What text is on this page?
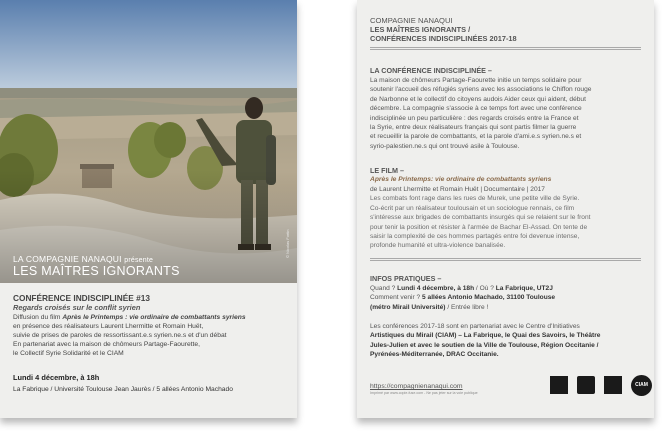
© Nicolas Fortin
LA COMPAGNIE NANAQUI présente
LES MAÎTRES IGNORANTS
CONFÉRENCE INDISCIPLINÉE #13
Regards croisés sur le conflit syrien
Diffusion du film Après le Printemps : vie ordinaire de combattants syriens
en présence des réalisateurs Laurent Lhermitte et Romain Huët,
suivie de prises de paroles de ressortissant.e.s syrien.ne.s et d'un débat
En partenariat avec la maison de chômeurs Partage-Faourette,
le Collectif Syrie Solidarité et le CIAM
Lundi 4 décembre, à 18h
La Fabrique / Université Toulouse Jean Jaurès / 5 allées Antonio Machado
COMPAGNIE NANAQUI
LES MAÎTRES IGNORANTS /
CONFÉRENCES INDISCIPLINÉES 2017-18
LA CONFÉRENCE INDISCIPLINÉE –
La maison de chômeurs Partage-Faourette initie un temps solidaire pour
soutenir l'accueil des réfugiés syriens avec les associations le Chiffon rouge
de Narbonne et le collectif do citoyens audois Aider ceux qui aident, début
décembre. La compagnie s'associe à ce temps fort avec une conférence
indisciplinée un peu particulière : des regards croisés entre la France et
la Syrie, entre deux réalisateurs français qui sont partis filmer la guerre
et recueillir la parole de combattants, et la parole d'ami.e.s syrien.ne.s et
syrio-palestien.ne.s qui ont trouvé asile à Toulouse.
LE FILM –
Après le Printemps: vie ordinaire de combattants syriens
de Laurent Lhermitte et Romain Huët | Documentaire | 2017
Les combats font rage dans les rues de Murek, une petite ville de Syrie.
Co-écrit par un réalisateur toulousain et un sociologue rennais, ce film
s'intéresse aux brigades de combattants insurgés qui se relaient sur le front
pour tenir la position et résister à l'armée de Bachar El-Assad. On tente de
saisir la complexité de ces hommes partagés entre foi devenue intense,
profonde humanité et ultra-violence banalisée.
INFOS PRATIQUES –
Quand ? Lundi 4 décembre, à 18h / Où ? La Fabrique, UT2J
Comment venir ? 5 allées Antonio Machado, 31100 Toulouse
(métro Mirail Université) / Entrée libre !
Les conférences 2017-18 sont en partenariat avec le Centre d'Initiatives
Artistiques du Mirail (CIAM) – La Fabrique, le Quai des Savoirs, le Théâtre
Jules-Julien et avec le soutien de la Ville de Toulouse, Région Occitanie /
Pyrénées-Méditerranée, DRAC Occitanie.
https://compagnienanaqui.com
Imprimé par www.copie-fuse.com - Ne pas jeter sur la voie publique
CIAM
